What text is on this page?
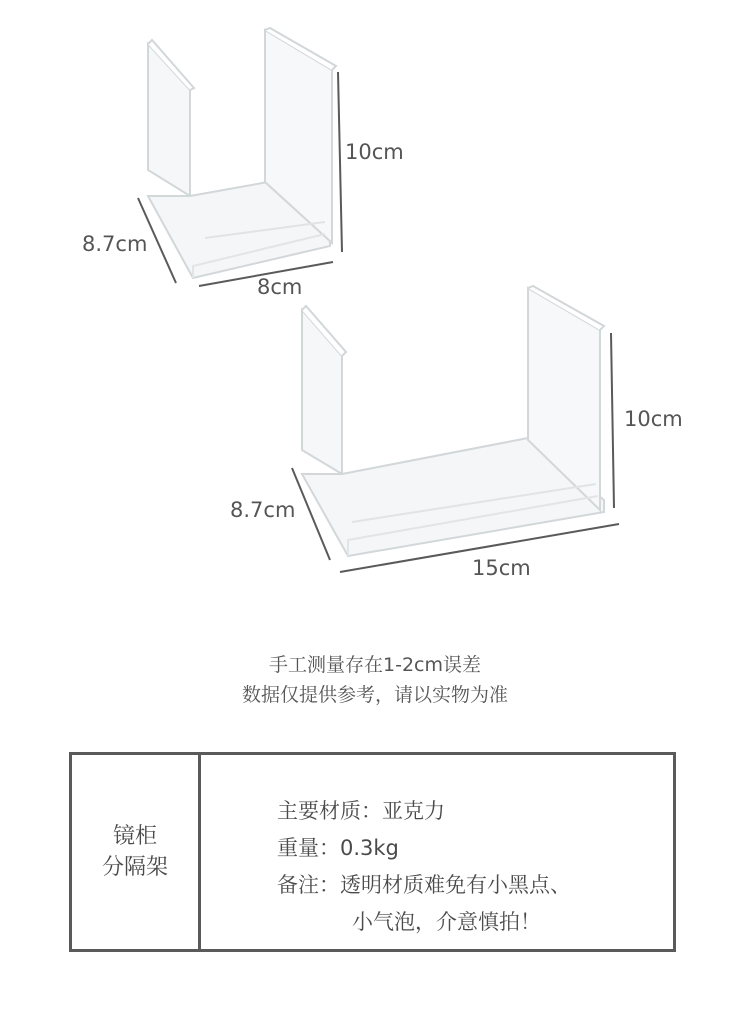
10cm
8.7cm
8cm
10cm
8.7cm
15cm
手工测量存在1-2cm误差
数据仅提供参考，请以实物为准
镜柜
分隔架
主要材质：亚克力
重量：0.3kg
备注：透明材质难免有小黑点、
小气泡，介意慎拍！
